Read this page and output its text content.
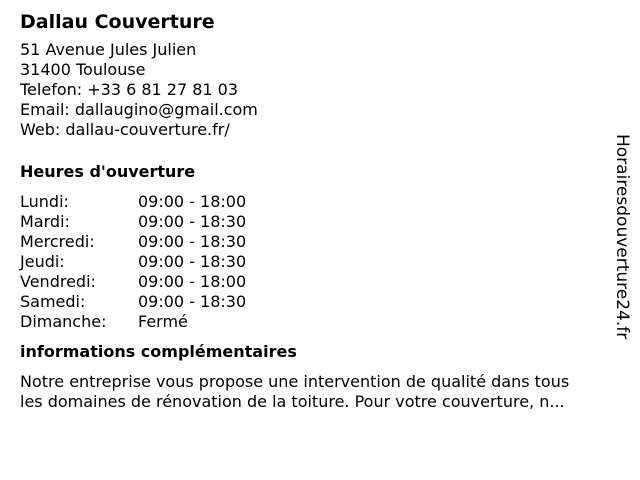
Dallau Couverture
51 Avenue Jules Julien
31400 Toulouse
Telefon: +33 6 81 27 81 03
Email: dallaugino@gmail.com
Web: dallau-couverture.fr/
Heures d'ouverture
Lundi:	09:00 - 18:00
Mardi:	09:00 - 18:30
Mercredi:	09:00 - 18:30
Jeudi:	09:00 - 18:30
Vendredi:	09:00 - 18:00
Samedi:	09:00 - 18:30
Dimanche:	Fermé
informations complémentaires
Notre entreprise vous propose une intervention de qualité dans tous
les domaines de rénovation de la toiture. Pour votre couverture, n...
Horairesdouverture24.fr
